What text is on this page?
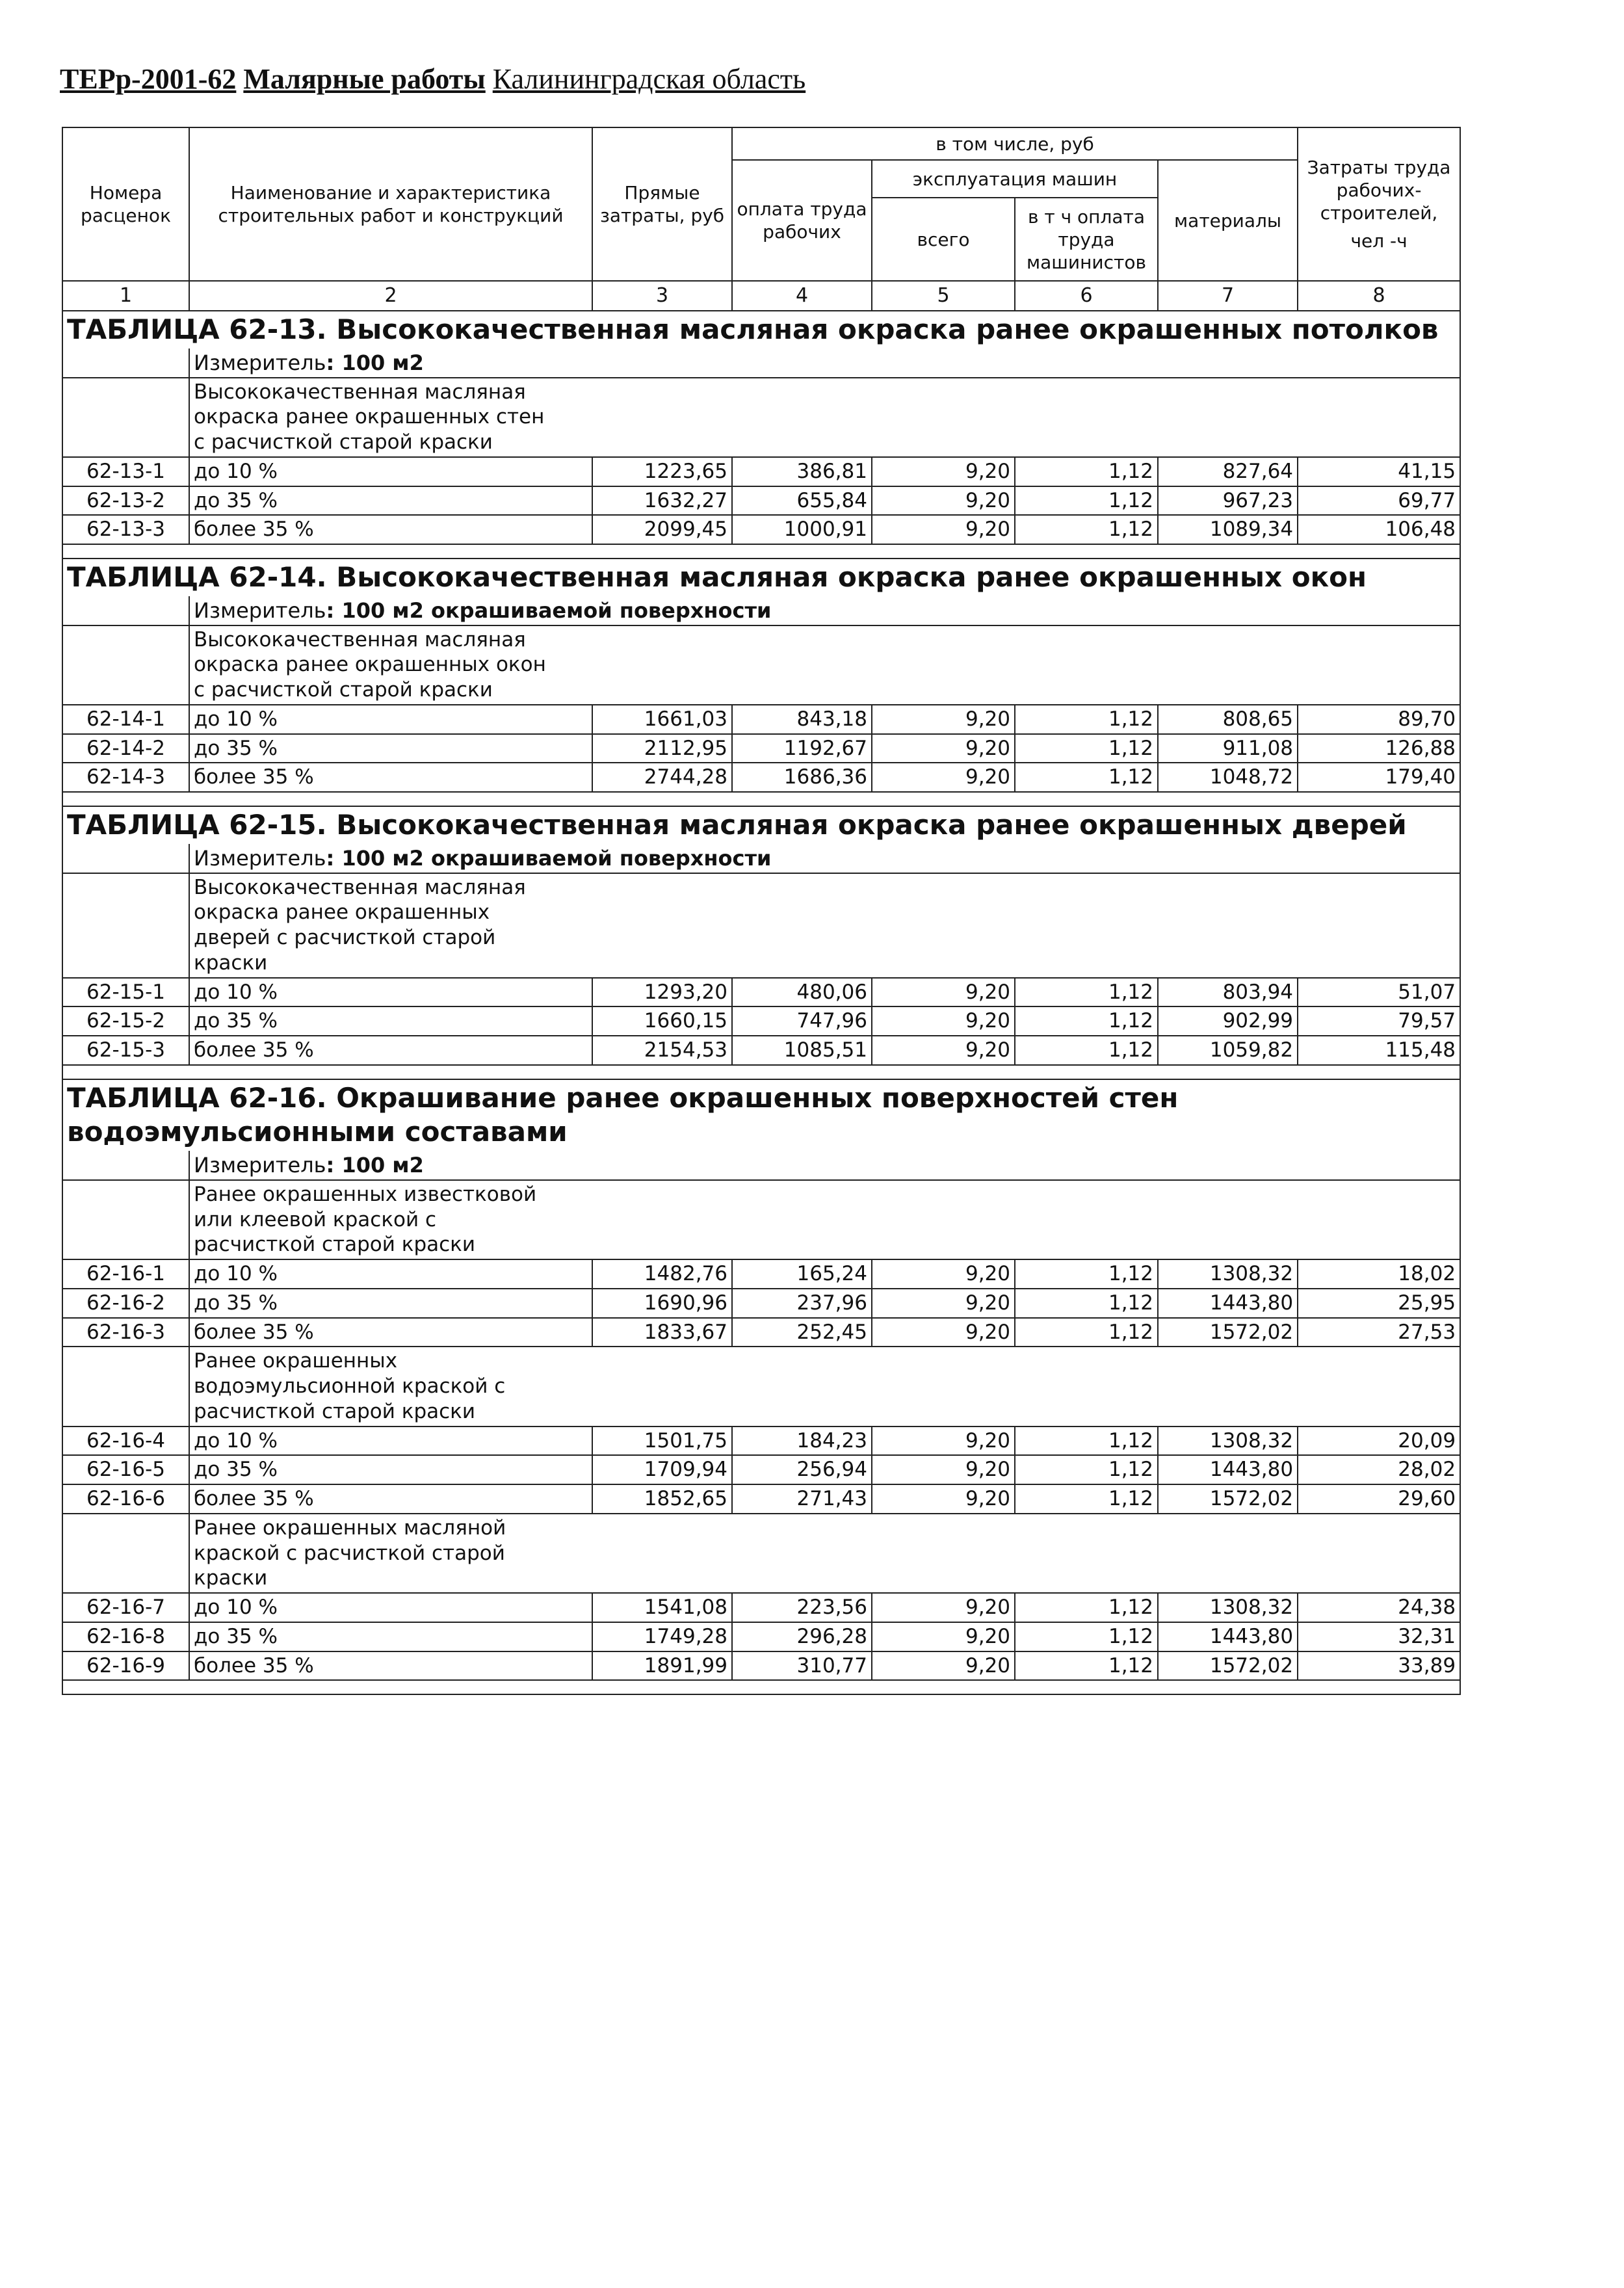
ТЕРр-2001-62 Малярные работы Калининградская область
Номера расценок	Наименование и характеристика строительных работ и конструкций	Прямые затраты, руб	в том числе, руб				Затраты труда рабочих-строителей,
чел -ч

			оплата труда рабочих	эксплуатация машин		материалы	
				всего	в т ч оплата труда машинистов		
1	2	3	4	5	6	7	8
ТАБЛИЦА 62-13. Высококачественная масляная окраска ранее окрашенных потолков							
	Измеритель: 100 м2						

	Высококачественная масляная окраска ранее окрашенных стен с расчисткой старой краски						

62-13-1	до 10 %	1223,65	386,81	9,20	1,12	827,64	41,15
62-13-2	до 35 %	1632,27	655,84	9,20	1,12	967,23	69,77
62-13-3	более 35 %	2099,45	1000,91	9,20	1,12	1089,34	106,48

ТАБЛИЦА 62-14. Высококачественная масляная окраска ранее окрашенных окон							
	Измеритель: 100 м2 окрашиваемой поверхности						

	Высококачественная масляная окраска ранее окрашенных окон с расчисткой старой краски						

62-14-1	до 10 %	1661,03	843,18	9,20	1,12	808,65	89,70
62-14-2	до 35 %	2112,95	1192,67	9,20	1,12	911,08	126,88
62-14-3	более 35 %	2744,28	1686,36	9,20	1,12	1048,72	179,40

ТАБЛИЦА 62-15. Высококачественная масляная окраска ранее окрашенных дверей							
	Измеритель: 100 м2 окрашиваемой поверхности						

	Высококачественная масляная окраска ранее окрашенных дверей с расчисткой старой краски						

62-15-1	до 10 %	1293,20	480,06	9,20	1,12	803,94	51,07
62-15-2	до 35 %	1660,15	747,96	9,20	1,12	902,99	79,57
62-15-3	более 35 %	2154,53	1085,51	9,20	1,12	1059,82	115,48

ТАБЛИЦА 62-16. Окрашивание ранее окрашенных поверхностей стен водоэмульсионными составами							
	Измеритель: 100 м2						

	Ранее окрашенных известковой или клеевой краской с расчисткой старой краски						

62-16-1	до 10 %	1482,76	165,24	9,20	1,12	1308,32	18,02
62-16-2	до 35 %	1690,96	237,96	9,20	1,12	1443,80	25,95
62-16-3	более 35 %	1833,67	252,45	9,20	1,12	1572,02	27,53

	Ранее окрашенных водоэмульсионной краской с расчисткой старой краски						

62-16-4	до 10 %	1501,75	184,23	9,20	1,12	1308,32	20,09
62-16-5	до 35 %	1709,94	256,94	9,20	1,12	1443,80	28,02
62-16-6	более 35 %	1852,65	271,43	9,20	1,12	1572,02	29,60

	Ранее окрашенных масляной краской с расчисткой старой краски						

62-16-7	до 10 %	1541,08	223,56	9,20	1,12	1308,32	24,38
62-16-8	до 35 %	1749,28	296,28	9,20	1,12	1443,80	32,31
62-16-9	более 35 %	1891,99	310,77	9,20	1,12	1572,02	33,89
